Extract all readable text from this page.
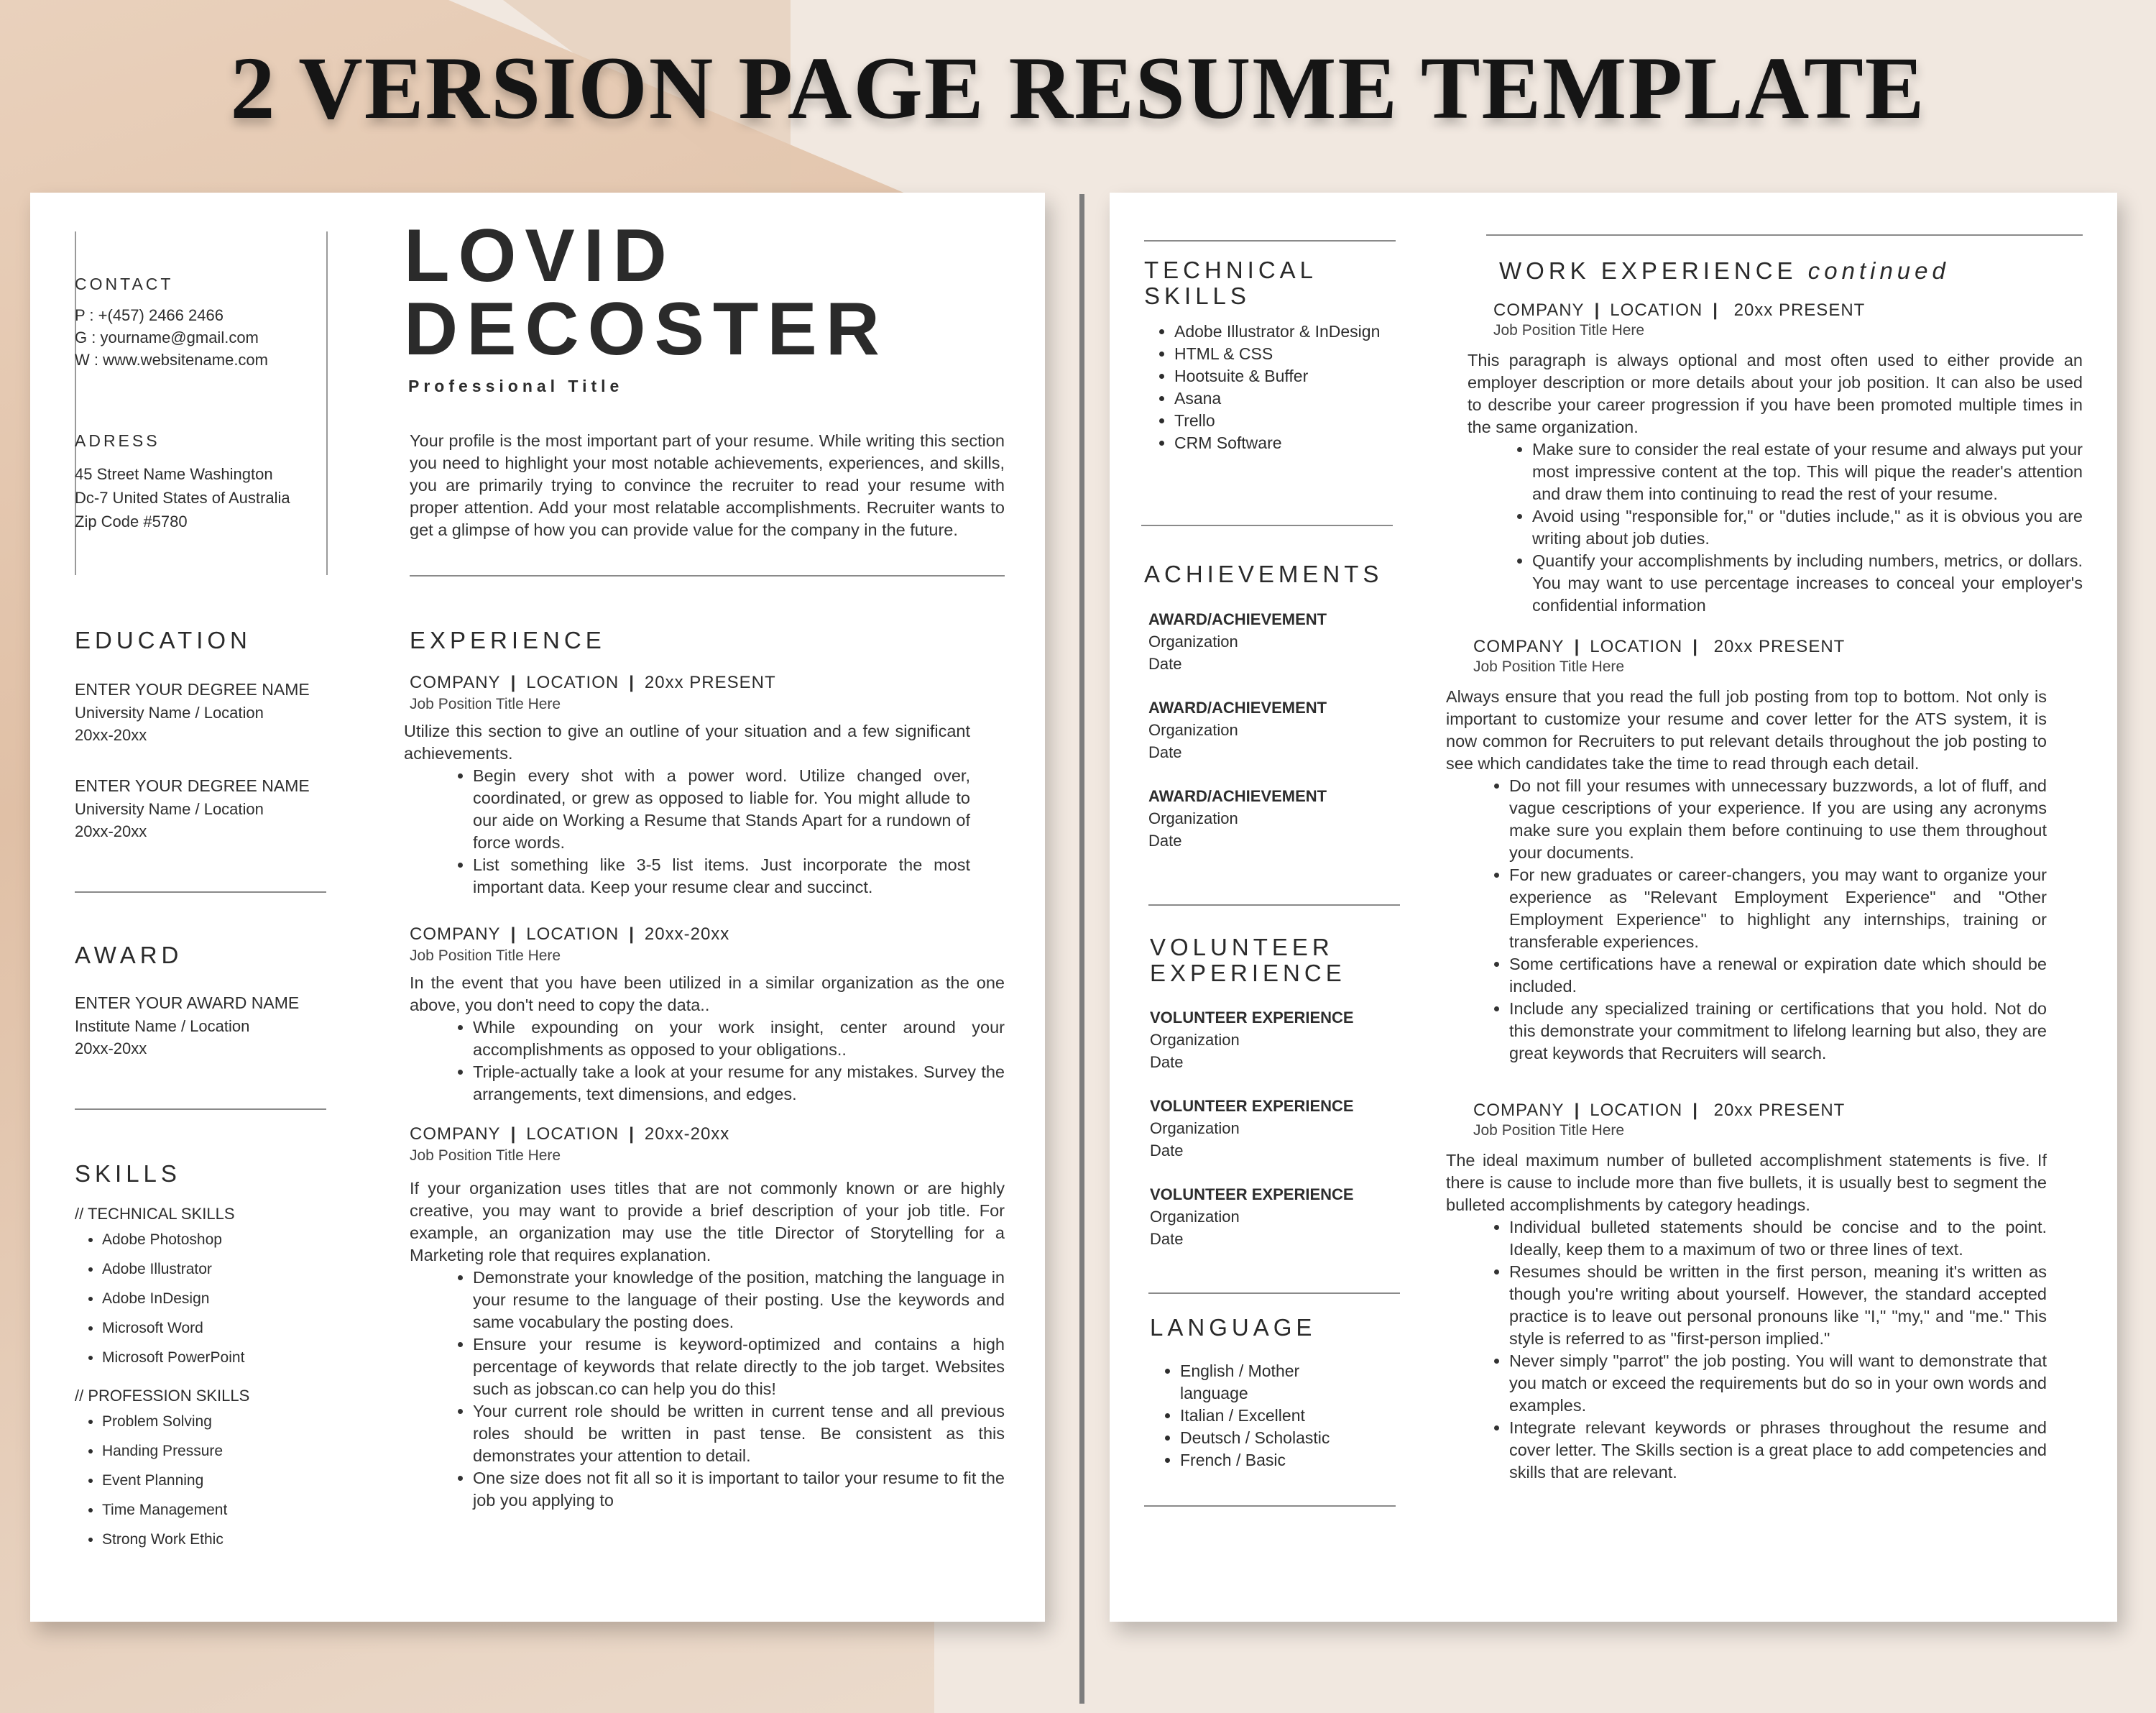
2 VERSION PAGE RESUME TEMPLATE
CONTACT
P : +(457) 2466 2466
G : yourname@gmail.com
W : www.websitename.com
ADRESS
45 Street Name Washington
Dc-7 United States of Australia
Zip Code #5780
LOVID
DECOSTER
Professional Title
Your profile is the most important part of your resume. While writing this section you need to highlight your most notable achievements, experiences, and skills, you are primarily trying to convince the recruiter to read your resume with proper attention. Add your most relatable accomplishments. Recruiter wants to get a glimpse of how you can provide value for the company in the future.
EDUCATION
ENTER YOUR DEGREE NAME
University Name / Location
20xx-20xx
ENTER YOUR DEGREE NAME
University Name / Location
20xx-20xx
AWARD
ENTER YOUR AWARD NAME
Institute Name / Location
20xx-20xx
SKILLS
// TECHNICAL SKILLS
• Adobe Photoshop
• Adobe Illustrator
• Adobe InDesign
• Microsoft Word
• Microsoft PowerPoint
// PROFESSION SKILLS
• Problem Solving
• Handing Pressure
• Event Planning
• Time Management
• Strong Work Ethic
EXPERIENCE
COMPANY | LOCATION | 20xx PRESENT
Job Position Title Here
Utilize this section to give an outline of your situation and a few significant achievements.
• Begin every shot with a power word. Utilize changed over, coordinated, or grew as opposed to liable for. You might allude to our aide on Working a Resume that Stands Apart for a rundown of force words.
• List something like 3-5 list items. Just incorporate the most important data. Keep your resume clear and succinct.
COMPANY | LOCATION | 20xx-20xx
Job Position Title Here
In the event that you have been utilized in a similar organization as the one above, you don't need to copy the data..
• While expounding on your work insight, center around your accomplishments as opposed to your obligations..
• Triple-actually take a look at your resume for any mistakes. Survey the arrangements, text dimensions, and edges.
COMPANY | LOCATION | 20xx-20xx
Job Position Title Here
If your organization uses titles that are not commonly known or are highly creative, you may want to provide a brief description of your job title. For example, an organization may use the title Director of Storytelling for a Marketing role that requires explanation.
• Demonstrate your knowledge of the position, matching the language in your resume to the language of their posting. Use the keywords and same vocabulary the posting does.
• Ensure your resume is keyword-optimized and contains a high percentage of keywords that relate directly to the job target. Websites such as jobscan.co can help you do this!
• Your current role should be written in current tense and all previous roles should be written in past tense. Be consistent as this demonstrates your attention to detail.
• One size does not fit all so it is important to tailor your resume to fit the job you applying to
TECHNICAL
SKILLS
• Adobe Illustrator & InDesign
• HTML & CSS
• Hootsuite & Buffer
• Asana
• Trello
• CRM Software
ACHIEVEMENTS
AWARD/ACHIEVEMENT
Organization
Date
AWARD/ACHIEVEMENT
Organization
Date
AWARD/ACHIEVEMENT
Organization
Date
VOLUNTEER
EXPERIENCE
VOLUNTEER EXPERIENCE
Organization
Date
VOLUNTEER EXPERIENCE
Organization
Date
VOLUNTEER EXPERIENCE
Organization
Date
LANGUAGE
• English / Mother language
• Italian / Excellent
• Deutsch / Scholastic
• French / Basic
WORK EXPERIENCE continued
COMPANY | LOCATION | 20xx PRESENT
Job Position Title Here
This paragraph is always optional and most often used to either provide an employer description or more details about your job position. It can also be used to describe your career progression if you have been promoted multiple times in the same organization.
• Make sure to consider the real estate of your resume and always put your most impressive content at the top. This will pique the reader's attention and draw them into continuing to read the rest of your resume.
• Avoid using "responsible for," or "duties include," as it is obvious you are writing about job duties.
• Quantify your accomplishments by including numbers, metrics, or dollars. You may want to use percentage increases to conceal your employer's confidential information
COMPANY | LOCATION | 20xx PRESENT
Job Position Title Here
Always ensure that you read the full job posting from top to bottom. Not only is important to customize your resume and cover letter for the ATS system, it is now common for Recruiters to put relevant details throughout the job posting to see which candidates take the time to read through each detail.
• Do not fill your resumes with unnecessary buzzwords, a lot of fluff, and vague cescriptions of your experience. If you are using any acronyms make sure you explain them before continuing to use them throughout your documents.
• For new graduates or career-changers, you may want to organize your experience as "Relevant Employment Experience" and "Other Employment Experience" to highlight any internships, training or transferable experiences.
• Some certifications have a renewal or expiration date which should be included.
• Include any specialized training or certifications that you hold. Not do this demonstrate your commitment to lifelong learning but also, they are great keywords that Recruiters will search.
COMPANY | LOCATION | 20xx PRESENT
Job Position Title Here
The ideal maximum number of bulleted accomplishment statements is five. If there is cause to include more than five bullets, it is usually best to segment the bulleted accomplishments by category headings.
• Individual bulleted statements should be concise and to the point. Ideally, keep them to a maximum of two or three lines of text.
• Resumes should be written in the first person, meaning it's written as though you're writing about yourself. However, the standard accepted practice is to leave out personal pronouns like "I," "my," and "me." This style is referred to as "first-person implied."
• Never simply "parrot" the job posting. You will want to demonstrate that you match or exceed the requirements but do so in your own words and examples.
• Integrate relevant keywords or phrases throughout the resume and cover letter. The Skills section is a great place to add competencies and skills that are relevant.
